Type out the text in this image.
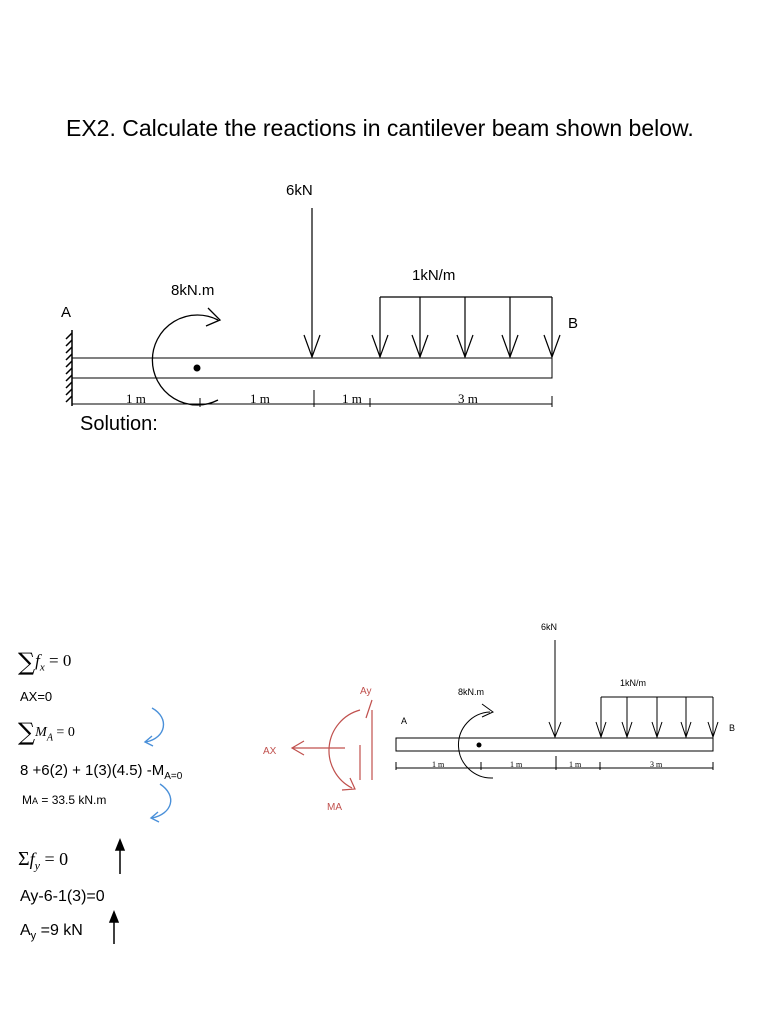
EX2. Calculate the reactions in cantilever beam shown below.
6kN
1kN/m
8kN.m
A
B
1 m	1 m	1 m	3 m
Ay
AX
MA
6kN
1kN/m
8kN.m
A
B
1 m	1 m	1 m	3 m
Solution:
$\sum f_x = 0$
AX=0
$\sum M_A = 0$
8 +6(2) + 1(3)(4.5) $-M_{A=0}$
MA = 33.5 kN.m
$\Sigma f_y = 0$
Ay-6-1(3)=0
$A_y =9$ kN
